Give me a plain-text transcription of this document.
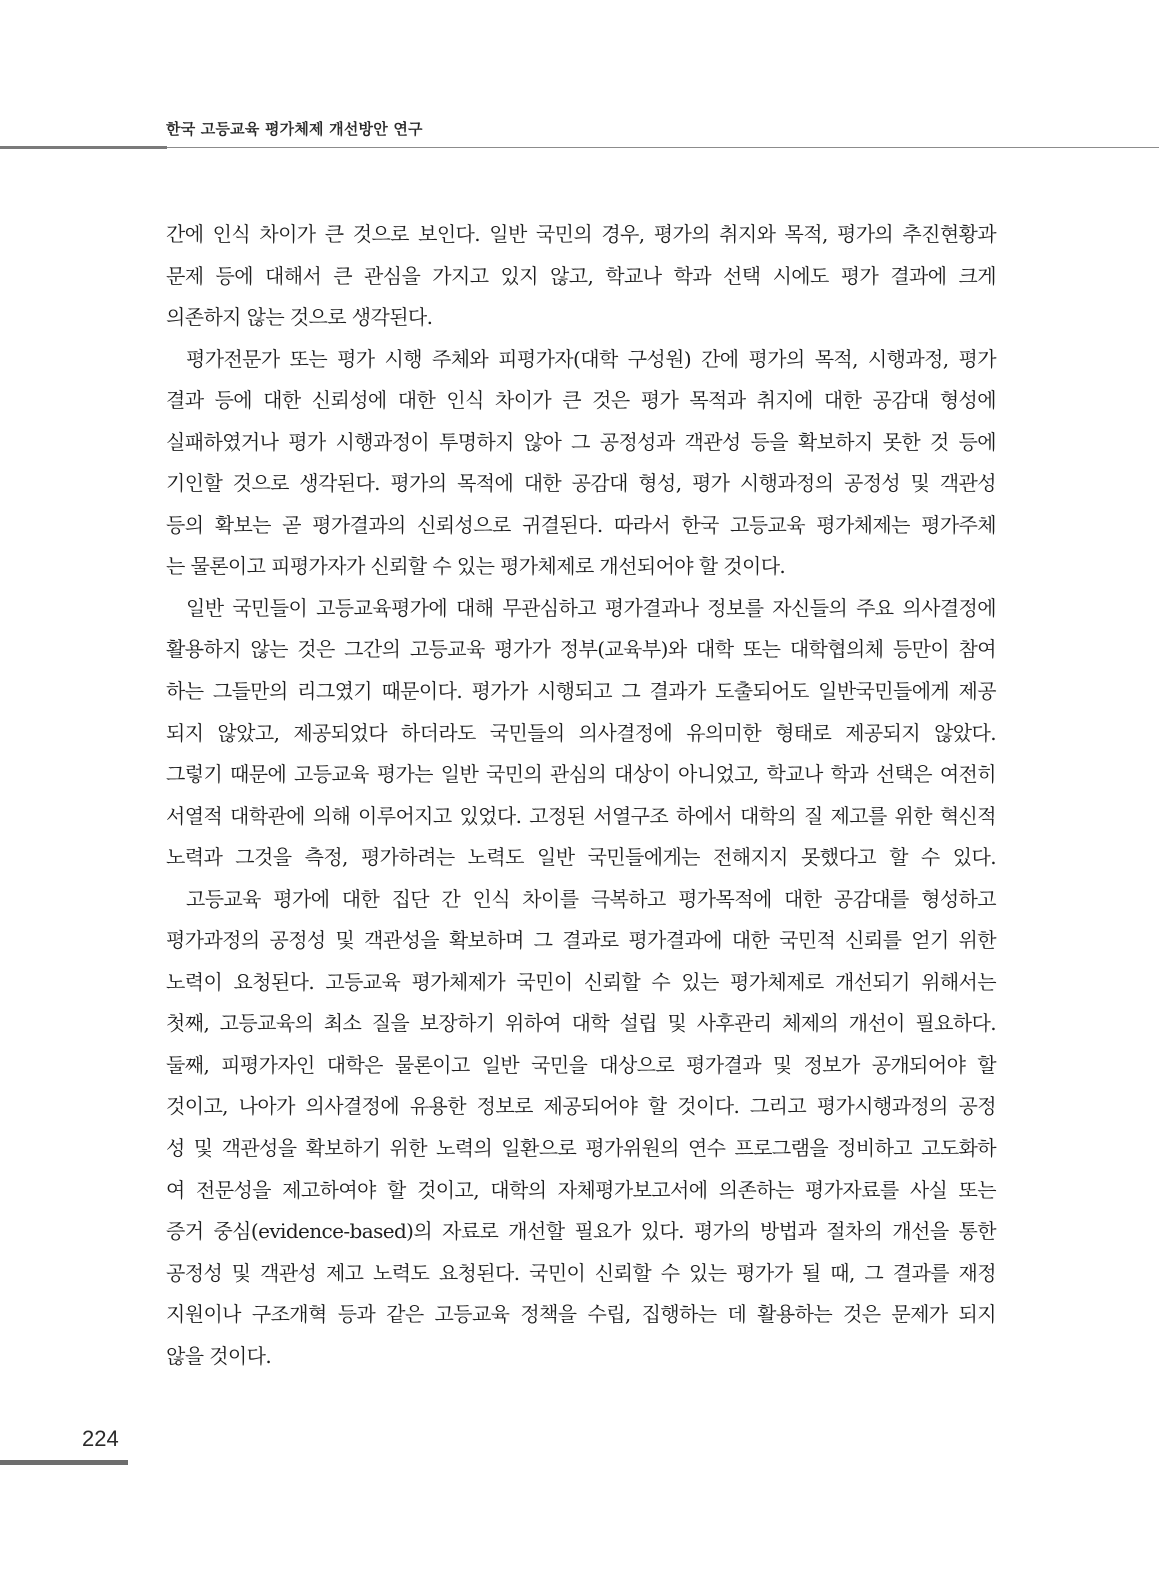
한국 고등교육 평가체제 개선방안 연구
간에 인식 차이가 큰 것으로 보인다. 일반 국민의 경우, 평가의 취지와 목적, 평가의 추진현황과
문제 등에 대해서 큰 관심을 가지고 있지 않고, 학교나 학과 선택 시에도 평가 결과에 크게
의존하지 않는 것으로 생각된다.
평가전문가 또는 평가 시행 주체와 피평가자(대학 구성원) 간에 평가의 목적, 시행과정, 평가
결과 등에 대한 신뢰성에 대한 인식 차이가 큰 것은 평가 목적과 취지에 대한 공감대 형성에
실패하였거나 평가 시행과정이 투명하지 않아 그 공정성과 객관성 등을 확보하지 못한 것 등에
기인할 것으로 생각된다. 평가의 목적에 대한 공감대 형성, 평가 시행과정의 공정성 및 객관성
등의 확보는 곧 평가결과의 신뢰성으로 귀결된다. 따라서 한국 고등교육 평가체제는 평가주체
는 물론이고 피평가자가 신뢰할 수 있는 평가체제로 개선되어야 할 것이다.
일반 국민들이 고등교육평가에 대해 무관심하고 평가결과나 정보를 자신들의 주요 의사결정에
활용하지 않는 것은 그간의 고등교육 평가가 정부(교육부)와 대학 또는 대학협의체 등만이 참여
하는 그들만의 리그였기 때문이다. 평가가 시행되고 그 결과가 도출되어도 일반국민들에게 제공
되지 않았고, 제공되었다 하더라도 국민들의 의사결정에 유의미한 형태로 제공되지 않았다.
그렇기 때문에 고등교육 평가는 일반 국민의 관심의 대상이 아니었고, 학교나 학과 선택은 여전히
서열적 대학관에 의해 이루어지고 있었다. 고정된 서열구조 하에서 대학의 질 제고를 위한 혁신적
노력과 그것을 측정, 평가하려는 노력도 일반 국민들에게는 전해지지 못했다고 할 수 있다.
고등교육 평가에 대한 집단 간 인식 차이를 극복하고 평가목적에 대한 공감대를 형성하고
평가과정의 공정성 및 객관성을 확보하며 그 결과로 평가결과에 대한 국민적 신뢰를 얻기 위한
노력이 요청된다. 고등교육 평가체제가 국민이 신뢰할 수 있는 평가체제로 개선되기 위해서는
첫째, 고등교육의 최소 질을 보장하기 위하여 대학 설립 및 사후관리 체제의 개선이 필요하다.
둘째, 피평가자인 대학은 물론이고 일반 국민을 대상으로 평가결과 및 정보가 공개되어야 할
것이고, 나아가 의사결정에 유용한 정보로 제공되어야 할 것이다. 그리고 평가시행과정의 공정
성 및 객관성을 확보하기 위한 노력의 일환으로 평가위원의 연수 프로그램을 정비하고 고도화하
여 전문성을 제고하여야 할 것이고, 대학의 자체평가보고서에 의존하는 평가자료를 사실 또는
증거 중심(evidence-based)의 자료로 개선할 필요가 있다. 평가의 방법과 절차의 개선을 통한
공정성 및 객관성 제고 노력도 요청된다. 국민이 신뢰할 수 있는 평가가 될 때, 그 결과를 재정
지원이나 구조개혁 등과 같은 고등교육 정책을 수립, 집행하는 데 활용하는 것은 문제가 되지
않을 것이다.
224
